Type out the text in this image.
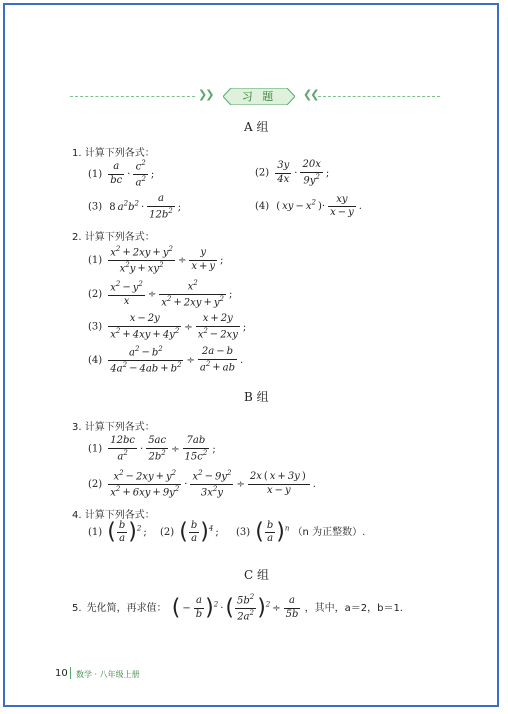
❯❯	习 题	❮❮
A 组
1. 计算下列各式：
$(1) \frac{a}{bc} \cdot \frac{c^2}{a^2}$ ;	$(2) \frac{3y}{4x} \cdot \frac{20x}{9y^2}$ ;
(3) 8 $a^2b^2 \cdot \frac{a}{12b^2}$ ;	(4) ( xy − $x^2$ )· $\frac{xy}{x - y}$ .
2. 计算下列各式：
$(1) \frac{x^2 + 2xy + y^2}{x^2y + xy^2} \div \frac{y}{x + y}$ ;
$(2) \frac{x^2 - y^2}{x} \div \frac{x^2}{x^2 + 2xy + y^2}$ ;
$(3) \frac{x - 2y}{x^2 + 4xy + 4y^2} \div \frac{x + 2y}{x^2 - 2xy}$ ;
$(4) \frac{a^2 - b^2}{4a^2 - 4ab + b^2} \div \frac{2a - b}{a^2 + ab}$ .
B 组
3. 计算下列各式：
$(1) \frac{12bc}{a^2} \cdot \frac{5ac}{2b^2} \div \frac{7ab}{15c^2}$ ;
$(2) \frac{x^2 - 2xy + y^2}{x^2 + 6xy + 9y^2} \cdot \frac{x^2 - 9y^2}{3x^2y} \div \frac{2x ( x + 3y )}{x - y}$ .
4. 计算下列各式：
(1) ( $\frac{b}{a} )^2$ ; (2) ( $\frac{b}{a} )^4$ ; (3) ( $\frac{b}{a} )^n$ （n 为正整数）.
C 组
5. 先化简，再求值： ( − $\frac{a}{b} )^2$ ·( $\frac{5b^2}{2a^2} )^2 \div \frac{a}{5b}$ ，其中，a＝2，b＝1.
10 数学 · 八年级上册
